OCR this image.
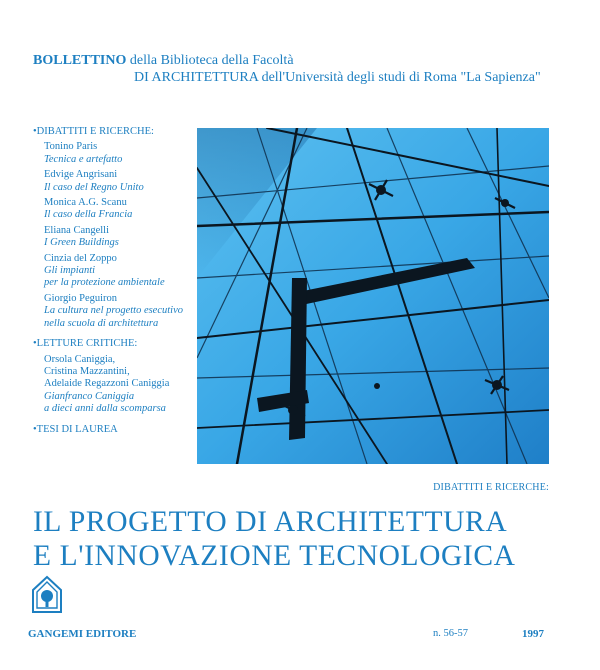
BOLLETTINO della Biblioteca della Facoltà
DI ARCHITETTURA dell'Università degli studi di Roma "La Sapienza"
•DIBATTITI E RICERCHE:
Tonino Paris
Tecnica e artefatto
Edvige Angrisani
Il caso del Regno Unito
Monica A.G. Scanu
Il caso della Francia
Eliana Cangelli
I Green Buildings
Cinzia del Zoppo
Gli impianti
per la protezione ambientale
Giorgio Peguiron
La cultura nel progetto esecutivo
nella scuola di architettura
•LETTURE CRITICHE:
Orsola Caniggia,
Cristina Mazzantini,
Adelaide Regazzoni Caniggia
Gianfranco Caniggia
a dieci anni dalla scomparsa
•TESI DI LAUREA
DIBATTITI E RICERCHE:
IL PROGETTO DI ARCHITETTURA
E L'INNOVAZIONE TECNOLOGICA
GANGEMI EDITORE	n. 56-57	1997
